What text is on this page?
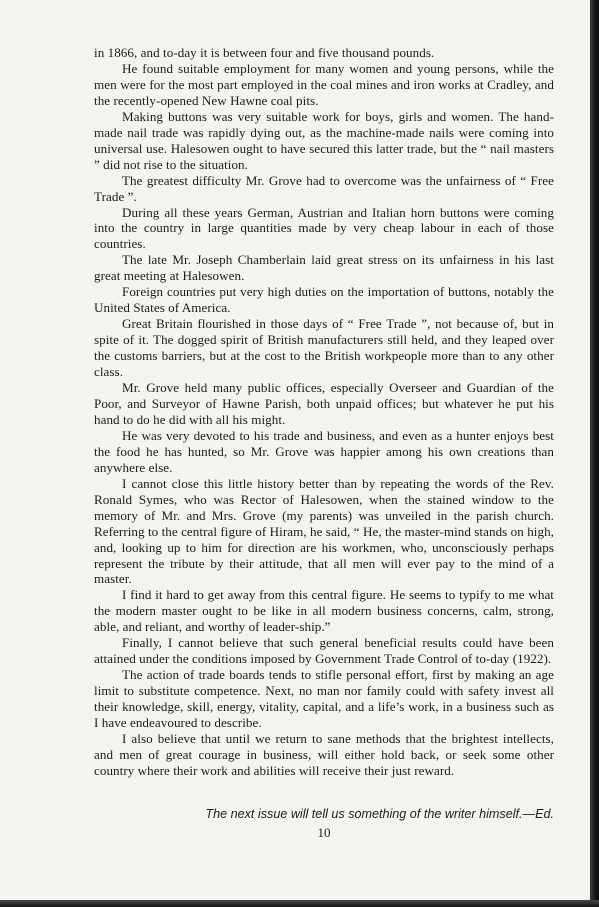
in 1866, and to-day it is between four and five thousand pounds.

He found suitable employment for many women and young persons, while the men were for the most part employed in the coal mines and iron works at Cradley, and the recently-opened New Hawne coal pits.

Making buttons was very suitable work for boys, girls and women. The hand-made nail trade was rapidly dying out, as the machine-made nails were coming into universal use. Halesowen ought to have secured this latter trade, but the “ nail masters ” did not rise to the situation.

The greatest difficulty Mr. Grove had to overcome was the unfairness of “ Free Trade ”.

During all these years German, Austrian and Italian horn buttons were coming into the country in large quantities made by very cheap labour in each of those countries.

The late Mr. Joseph Chamberlain laid great stress on its unfairness in his last great meeting at Halesowen.

Foreign countries put very high duties on the importation of buttons, notably the United States of America.

Great Britain flourished in those days of “ Free Trade ”, not because of, but in spite of it. The dogged spirit of British manufacturers still held, and they leaped over the customs barriers, but at the cost to the British workpeople more than to any other class.

Mr. Grove held many public offices, especially Overseer and Guardian of the Poor, and Surveyor of Hawne Parish, both unpaid offices; but whatever he put his hand to do he did with all his might.

He was very devoted to his trade and business, and even as a hunter enjoys best the food he has hunted, so Mr. Grove was happier among his own creations than anywhere else.

I cannot close this little history better than by repeating the words of the Rev. Ronald Symes, who was Rector of Halesowen, when the stained window to the memory of Mr. and Mrs. Grove (my parents) was unveiled in the parish church. Referring to the central figure of Hiram, he said, “ He, the master-mind stands on high, and, looking up to him for direction are his workmen, who, unconsciously perhaps represent the tribute by their attitude, that all men will ever pay to the mind of a master.

I find it hard to get away from this central figure. He seems to typify to me what the modern master ought to be like in all modern business concerns, calm, strong, able, and reliant, and worthy of leader-ship.”

Finally, I cannot believe that such general beneficial results could have been attained under the conditions imposed by Government Trade Control of to-day (1922).

The action of trade boards tends to stifle personal effort, first by making an age limit to substitute competence. Next, no man nor family could with safety invest all their knowledge, skill, energy, vitality, capital, and a life’s work, in a business such as I have endeavoured to describe.

I also believe that until we return to sane methods that the brightest intellects, and men of great courage in business, will either hold back, or seek some other country where their work and abilities will receive their just reward.

The next issue will tell us something of the writer himself.—Ed.
10
